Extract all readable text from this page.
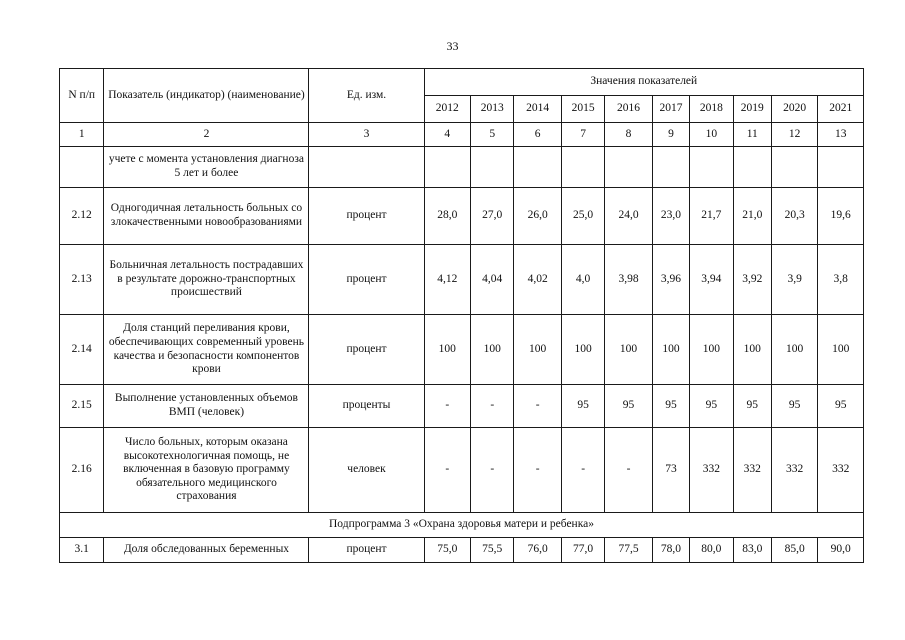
33
N п/п	Показатель (индикатор) (наименование)	Ед. изм.	Значения показателей									
			2012	2013	2014	2015	2016	2017	2018	2019	2020	2021
1	2	3	4	5	6	7	8	9	10	11	12	13
	учете с момента установления диагноза 5 лет и более											
2.12	Одногодичная летальность больных со злокачественными новообразованиями	процент	28,0	27,0	26,0	25,0	24,0	23,0	21,7	21,0	20,3	19,6
2.13	Больничная летальность пострадавших в результате дорожно-транспортных происшествий	процент	4,12	4,04	4,02	4,0	3,98	3,96	3,94	3,92	3,9	3,8
2.14	Доля станций переливания крови, обеспечивающих современный уровень качества и безопасности компонентов крови	процент	100	100	100	100	100	100	100	100	100	100
2.15	Выполнение установленных объемов ВМП (человек)	проценты	-	-	-	95	95	95	95	95	95	95
2.16	Число больных, которым оказана высокотехнологичная помощь, не включенная в базовую программу обязательного медицинского страхования	человек	-	-	-	-	-	73	332	332	332	332
Подпрограмма 3 «Охрана здоровья матери и ребенка»												
3.1	Доля обследованных беременных	процент	75,0	75,5	76,0	77,0	77,5	78,0	80,0	83,0	85,0	90,0
